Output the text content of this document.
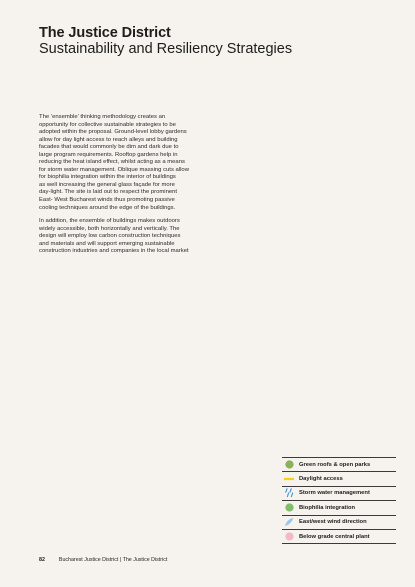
The Justice District
Sustainability and Resiliency Strategies

The ‘ensemble’ thinking methodology creates an
opportunity for collective sustainable strategies to be
adopted within the proposal. Ground-level lobby gardens
allow for day light access to reach alleys and building
facades that would commonly be dim and dark due to
large program requirements. Rooftop gardens help in
reducing the heat island effect, whilst acting as a means
for storm water management. Oblique massing cuts allow
for biophilia integration within the interior of buildings
as well increasing the general glass façade for more
day-light. The site is laid out to respect the prominent
East- West Bucharest winds thus promoting passive
cooling techniques around the edge of the buildings.

In addition, the ensemble of buildings makes outdoors
widely accessible, both horizontally and vertically. The
design will employ low carbon construction techniques
and materials and will support emerging sustainable
construction industries and companies in the local market

Green roofs & open parks
Daylight access
Storm water management
Biophilia integration
East/west wind direction
Below grade central plant
82	Bucharest Justice District | The Justice District
